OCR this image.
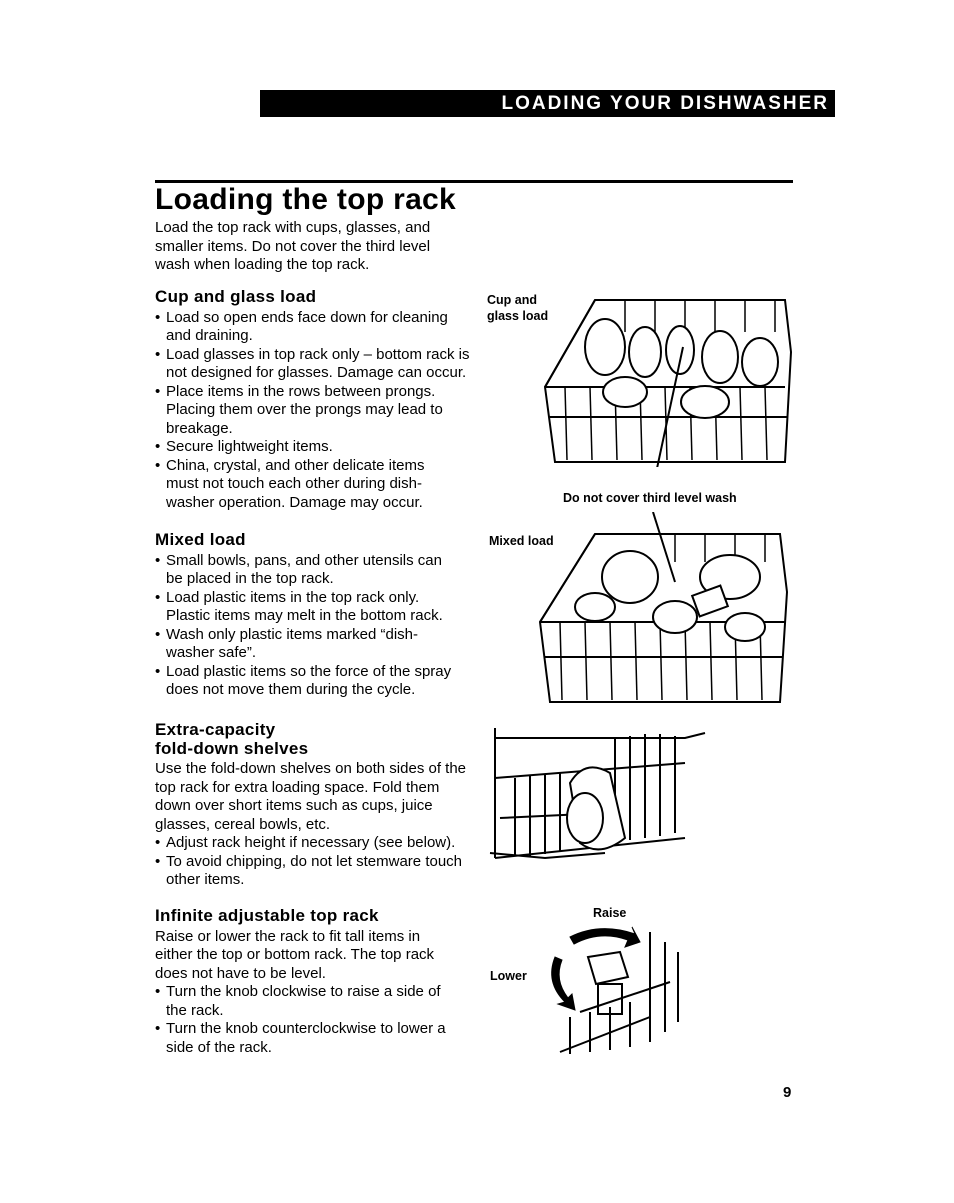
LOADING YOUR DISHWASHER
Loading the top rack

Load the top rack with cups, glasses, and smaller items. Do not cover the third level wash when loading the top rack.

Cup and glass load
• Load so open ends face down for cleaning and draining.
• Load glasses in top rack only – bottom rack is not designed for glasses. Damage can occur.
• Place items in the rows between prongs. Placing them over the prongs may lead to breakage.
• Secure lightweight items.
• China, crystal, and other delicate items must not touch each other during dish-washer operation. Damage may occur.
Mixed load
• Small bowls, pans, and other utensils can be placed in the top rack.
• Load plastic items in the top rack only. Plastic items may melt in the bottom rack.
• Wash only plastic items marked “dish-washer safe”.
• Load plastic items so the force of the spray does not move them during the cycle.
Extra-capacity
fold-down shelves

Use the fold-down shelves on both sides of the top rack for extra loading space. Fold them down over short items such as cups, juice glasses, cereal bowls, etc.

• Adjust rack height if necessary (see below).
• To avoid chipping, do not let stemware touch other items.
Infinite adjustable top rack

Raise or lower the rack to fit tall items in either the top or bottom rack. The top rack does not have to be level.

• Turn the knob clockwise to raise a side of the rack.
• Turn the knob counterclockwise to lower a side of the rack.
Cup and
glass load
Do not cover third level wash
Mixed load
Raise
Lower
9
